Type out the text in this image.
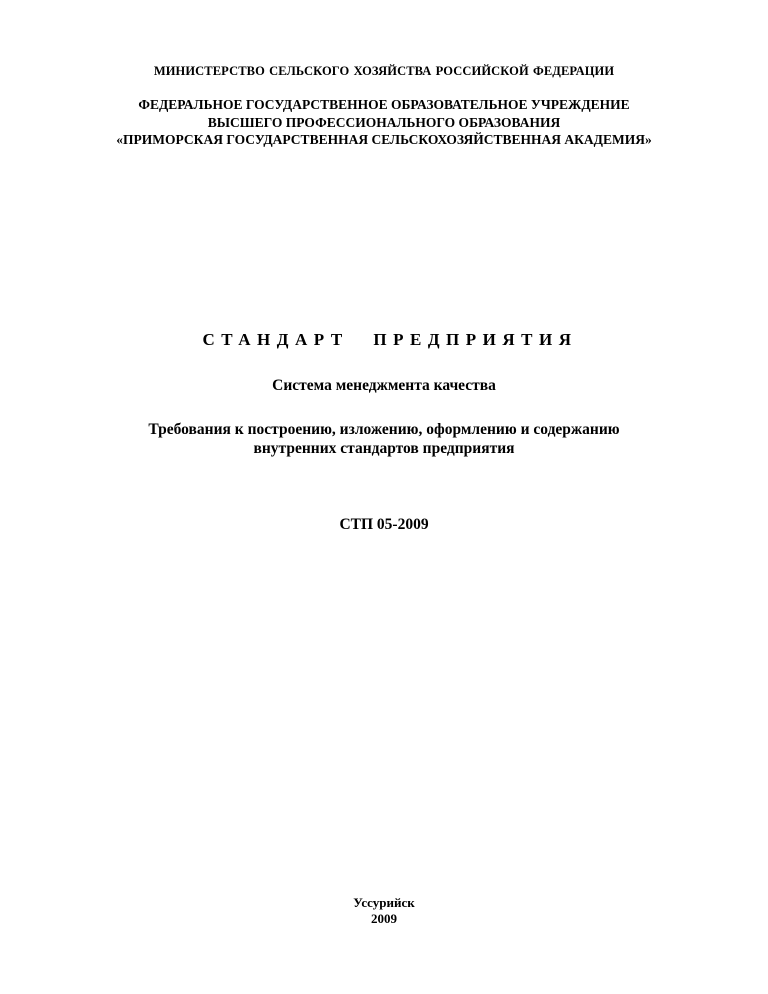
МИНИСТЕРСТВО СЕЛЬСКОГО ХОЗЯЙСТВА РОССИЙСКОЙ ФЕДЕРАЦИИ
ФЕДЕРАЛЬНОЕ ГОСУДАРСТВЕННОЕ ОБРАЗОВАТЕЛЬНОЕ УЧРЕЖДЕНИЕ
ВЫСШЕГО ПРОФЕССИОНАЛЬНОГО ОБРАЗОВАНИЯ
«ПРИМОРСКАЯ ГОСУДАРСТВЕННАЯ СЕЛЬСКОХОЗЯЙСТВЕННАЯ АКАДЕМИЯ»
СТАНДАРТ ПРЕДПРИЯТИЯ
Система менеджмента качества
Требования к построению, изложению, оформлению и содержанию
внутренних стандартов предприятия
СТП 05-2009
Уссурийск
2009
